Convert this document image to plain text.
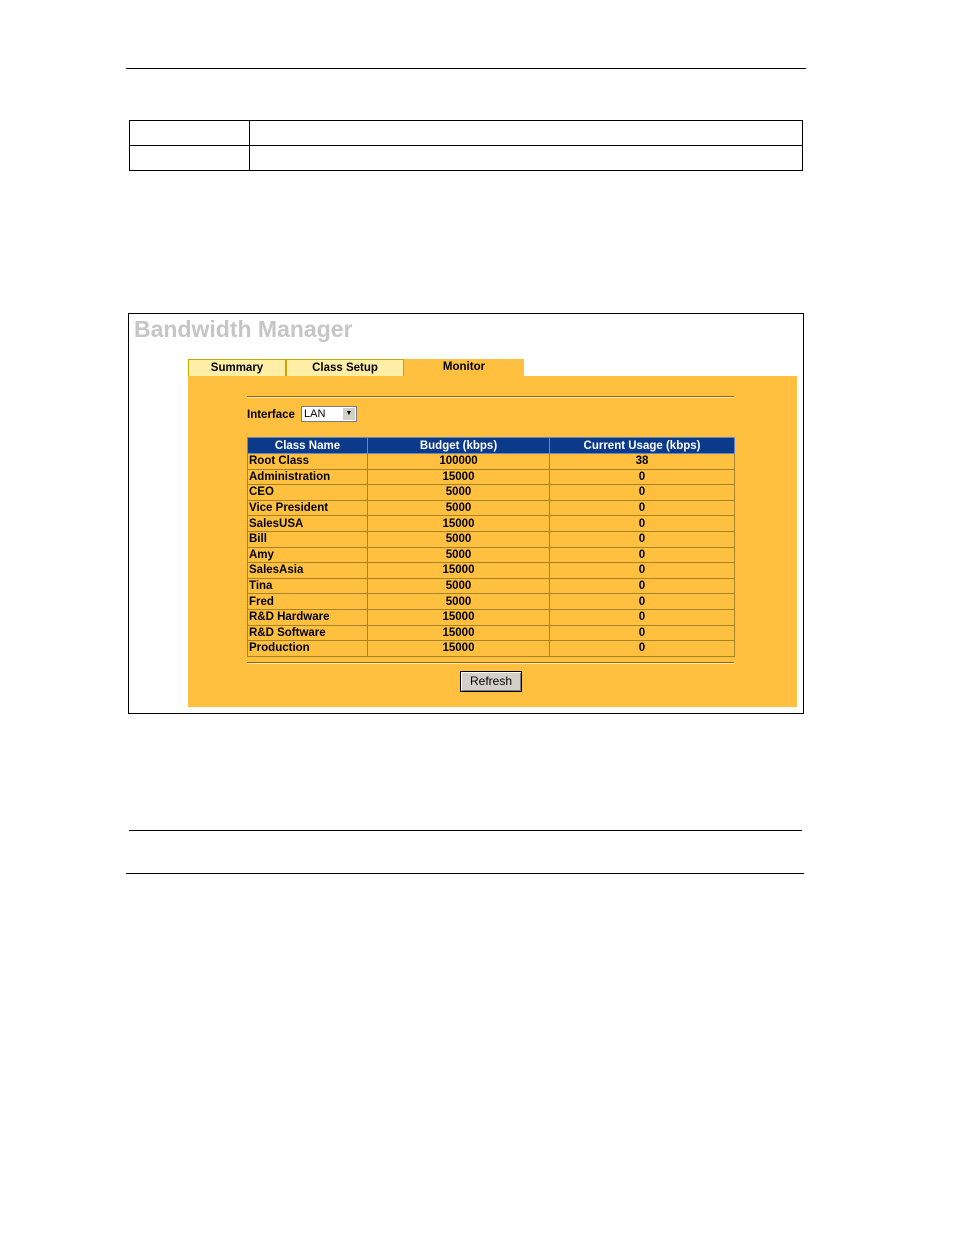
Bandwidth Manager
Summary	Class Setup	Monitor
Interface LAN	▼
Class Name	Budget (kbps)	Current Usage (kbps)
Root Class	100000	38
Administration	15000	0
CEO	5000	0
Vice President	5000	0
SalesUSA	15000	0
Bill	5000	0
Amy	5000	0
SalesAsia	15000	0
Tina	5000	0
Fred	5000	0
R&D Hardware	15000	0
R&D Software	15000	0
Production	15000	0
Refresh
